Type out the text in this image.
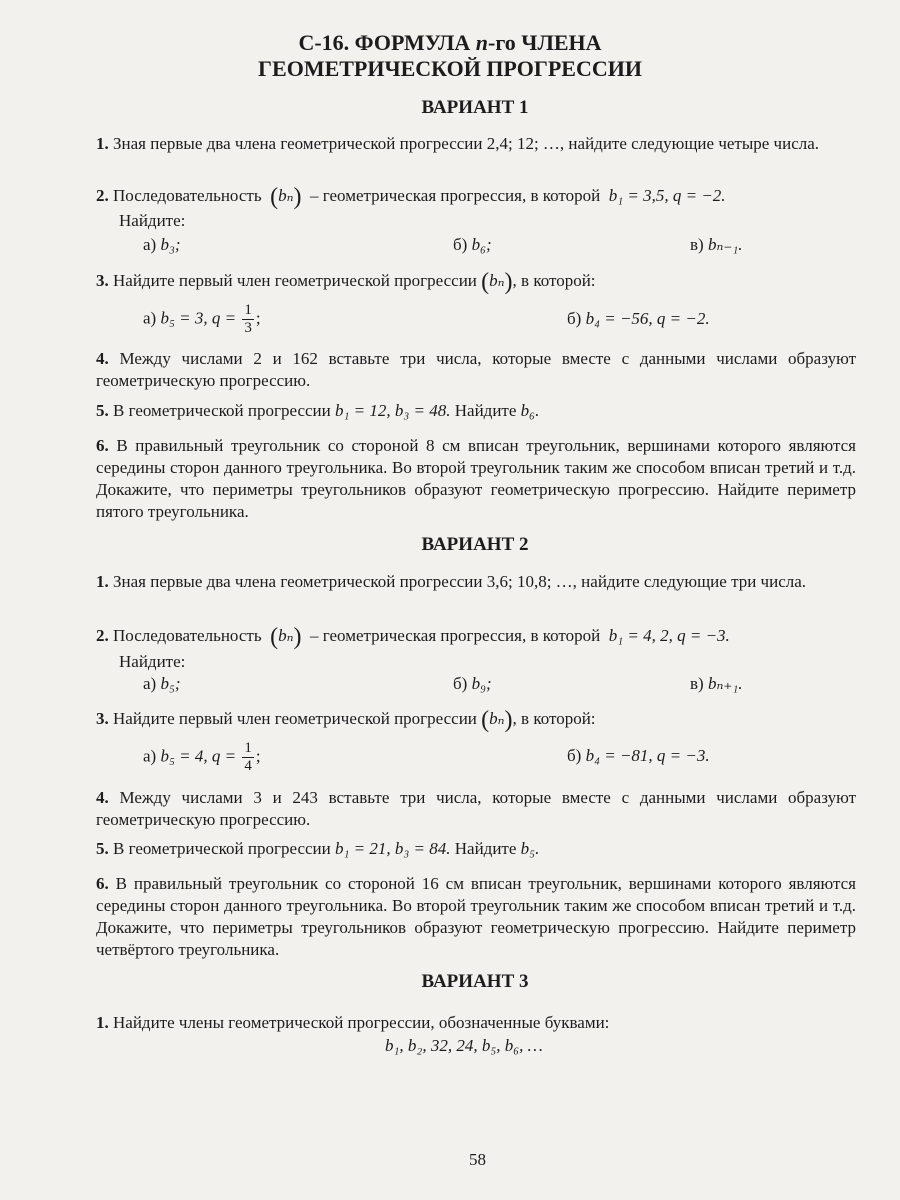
С-16. ФОРМУЛА n-го ЧЛЕНА
ГЕОМЕТРИЧЕСКОЙ ПРОГРЕССИИ
ВАРИАНТ 1
1. Зная первые два члена геометрической прогрессии 2,4; 12; …, найдите следующие четыре числа.
2. Последовательность (bₙ) – геометрическая прогрессия, в которой b₁ = 3,5, q = −2.
Найдите:
а) b₃;	б) b₆;	в) bₙ₋₁.
3. Найдите первый член геометрической прогрессии (bₙ), в которой:
а) b₅ = 3, $q = \frac{1}{3}$ ;	б) b₄ = −56, q = −2.
4. Между числами 2 и 162 вставьте три числа, которые вместе с данными числами образуют геометрическую прогрессию.
5. В геометрической прогрессии b₁ = 12, b₃ = 48. Найдите b₆.
6. В правильный треугольник со стороной 8 см вписан треугольник, вершинами которого являются середины сторон данного треугольника. Во второй треугольник таким же способом вписан третий и т.д. Докажите, что периметры треугольников образуют геометрическую прогрессию. Найдите периметр пятого треугольника.
ВАРИАНТ 2
1. Зная первые два члена геометрической прогрессии 3,6; 10,8; …, найдите следующие три числа.
2. Последовательность (bₙ) – геометрическая прогрессия, в которой b₁ = 4, 2, q = −3.
Найдите:
а) b₅;	б) b₉;	в) bₙ₊₁.
3. Найдите первый член геометрической прогрессии (bₙ), в которой:
а) b₅ = 4, $q = \frac{1}{4}$ ;	б) b₄ = −81, q = −3.
4. Между числами 3 и 243 вставьте три числа, которые вместе с данными числами образуют геометрическую прогрессию.
5. В геометрической прогрессии b₁ = 21, b₃ = 84. Найдите b₅.
6. В правильный треугольник со стороной 16 см вписан треугольник, вершинами которого являются середины сторон данного треугольника. Во второй треугольник таким же способом вписан третий и т.д. Докажите, что периметры треугольников образуют геометрическую прогрессию. Найдите периметр четвёртого треугольника.
ВАРИАНТ 3
1. Найдите члены геометрической прогрессии, обозначенные буквами:
b₁, b₂, 32, 24, b₅, b₆, …
58
